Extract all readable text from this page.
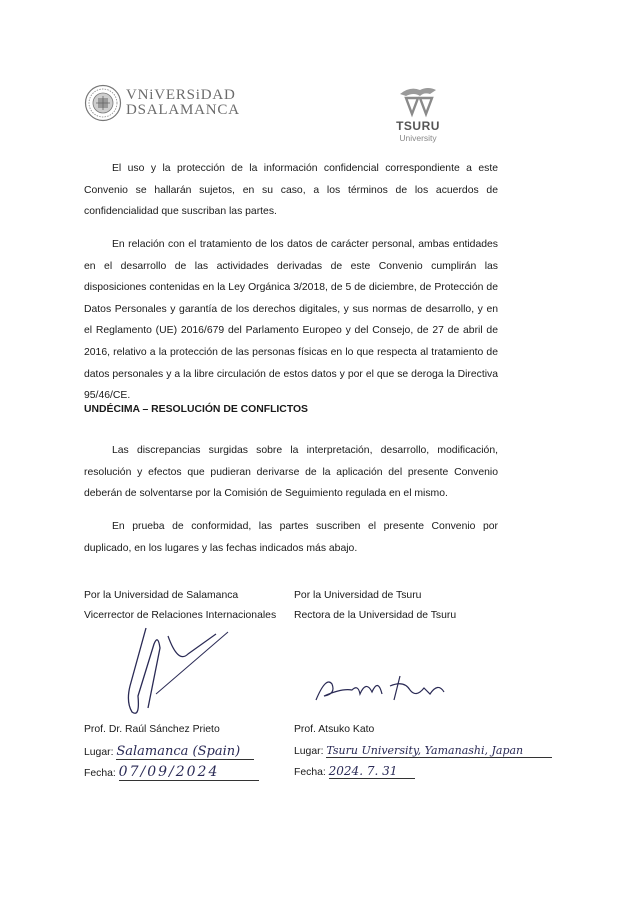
VNiVERSiDAD
DSALAMANCA
TSURU
University

El uso y la protección de la información confidencial correspondiente a este Convenio se hallarán sujetos, en su caso, a los términos de los acuerdos de confidencialidad que suscriban las partes.

En relación con el tratamiento de los datos de carácter personal, ambas entidades en el desarrollo de las actividades derivadas de este Convenio cumplirán las disposiciones contenidas en la Ley Orgánica 3/2018, de 5 de diciembre, de Protección de Datos Personales y garantía de los derechos digitales, y sus normas de desarrollo, y en el Reglamento (UE) 2016/679 del Parlamento Europeo y del Consejo, de 27 de abril de 2016, relativo a la protección de las personas físicas en lo que respecta al tratamiento de datos personales y a la libre circulación de estos datos y por el que se deroga la Directiva 95/46/CE.

UNDÉCIMA – RESOLUCIÓN DE CONFLICTOS

Las discrepancias surgidas sobre la interpretación, desarrollo, modificación, resolución y efectos que pudieran derivarse de la aplicación del presente Convenio deberán de solventarse por la Comisión de Seguimiento regulada en el mismo.

En prueba de conformidad, las partes suscriben el presente Convenio por duplicado, en los lugares y las fechas indicados más abajo.

Por la Universidad de Salamanca
Vicerrector de Relaciones Internacionales
Prof. Dr. Raúl Sánchez Prieto
Lugar: Salamanca (Spain)
Fecha: 07/09/2024
Por la Universidad de Tsuru
Rectora de la Universidad de Tsuru
Prof. Atsuko Kato
Lugar: Tsuru University, Yamanashi, Japan
Fecha: 2024. 7. 31
